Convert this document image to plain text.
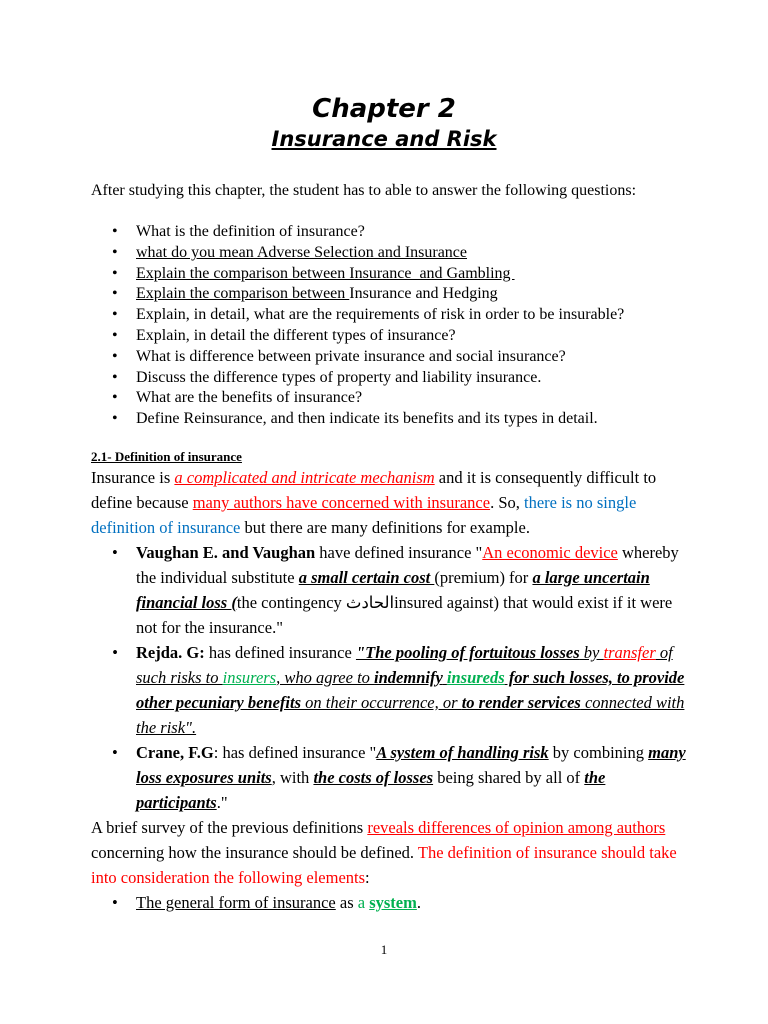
Chapter 2
Insurance and Risk
After studying this chapter, the student has to able to answer the following questions:
• What is the definition of insurance?
• what do you mean Adverse Selection and Insurance
• Explain the comparison between Insurance  and Gambling
• Explain the comparison between Insurance and Hedging
• Explain, in detail, what are the requirements of risk in order to be insurable?
• Explain, in detail the different types of insurance?
• What is difference between private insurance and social insurance?
• Discuss the difference types of property and liability insurance.
• What are the benefits of insurance?
• Define Reinsurance, and then indicate its benefits and its types in detail.
2.1- Definition of insurance

Insurance is a complicated and intricate mechanism and it is consequently difficult to define because many authors have concerned with insurance. So, there is no single definition of insurance but there are many definitions for example.

• Vaughan E. and Vaughan have defined insurance "An economic device whereby the individual substitute a small certain cost (premium) for a large uncertain financial loss (the contingency الحادثinsured against) that would exist if it were not for the insurance."
• Rejda. G: has defined insurance "The pooling of fortuitous losses by transfer of such risks to insurers, who agree to indemnify insureds for such losses, to provide other pecuniary benefits on their occurrence, or to render services connected with the risk".
• Crane, F.G: has defined insurance "A system of handling risk by combining many loss exposures units, with the costs of losses being shared by all of the participants."

A brief survey of the previous definitions reveals differences of opinion among authors concerning how the insurance should be defined. The definition of insurance should take into consideration the following elements:

• The general form of insurance as a system.
1
